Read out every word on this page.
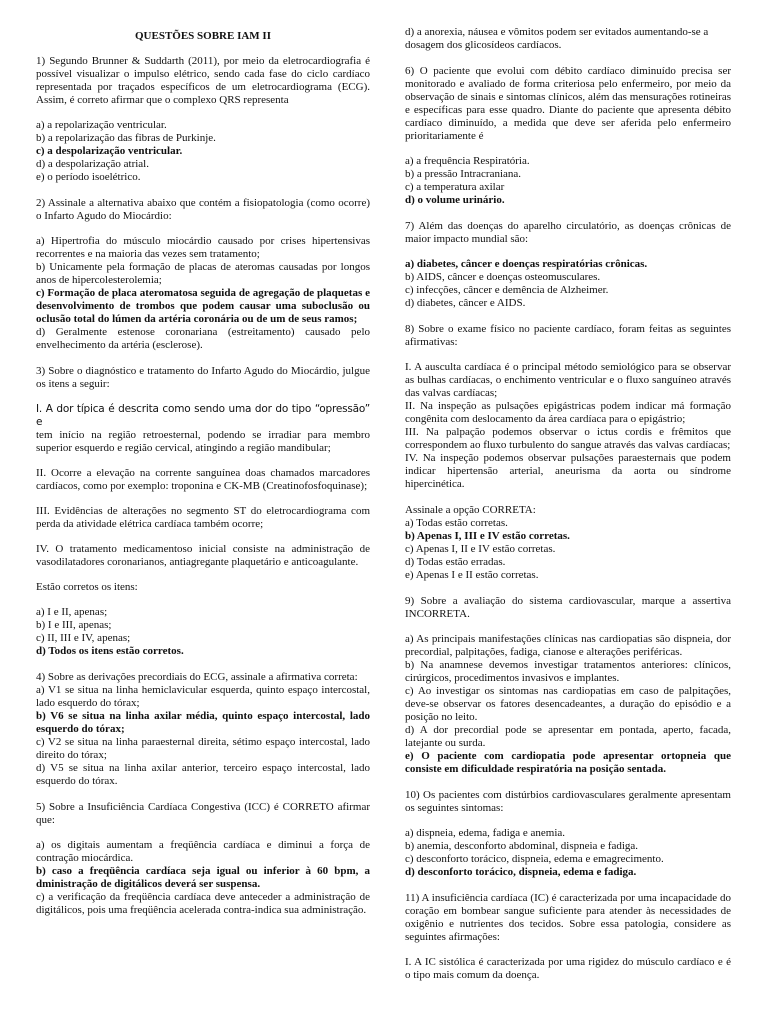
QUESTÕES SOBRE IAM II
1) Segundo Brunner & Suddarth (2011), por meio da eletrocardiografia é possível visualizar o impulso elétrico, sendo cada fase do ciclo cardíaco representada por traçados específicos de um eletrocardiograma (ECG). Assim, é correto afirmar que o complexo QRS representa
a) a repolarização ventricular.
b) a repolarização das fibras de Purkinje.
c) a despolarização ventricular.
d) a despolarização atrial.
e) o período isoelétrico.
2) Assinale a alternativa abaixo que contém a fisiopatologia (como ocorre) o Infarto Agudo do Miocárdio:
a) Hipertrofia do músculo miocárdio causado por crises hipertensivas recorrentes e na maioria das vezes sem tratamento;
b) Unicamente pela formação de placas de ateromas causadas por longos anos de hipercolesterolemia;
c) Formação de placa ateromatosa seguida de agregação de plaquetas e desenvolvimento de trombos que podem causar uma suboclusão ou oclusão total do lúmen da artéria coronária ou de um de seus ramos;
d) Geralmente estenose coronariana (estreitamento) causado pelo envelhecimento da artéria (esclerose).
3) Sobre o diagnóstico e tratamento do Infarto Agudo do Miocárdio, julgue os itens a seguir:
I. A dor típica é descrita como sendo uma dor do tipo “opressão” e
tem início na região retroesternal, podendo se irradiar para membro superior esquerdo e região cervical, atingindo a região mandibular;
II. Ocorre a elevação na corrente sanguínea doas chamados marcadores cardíacos, como por exemplo: troponina e CK-MB (Creatinofosfoquinase);
III. Evidências de alterações no segmento ST do eletrocardiograma com perda da atividade elétrica cardíaca também ocorre;
IV. O tratamento medicamentoso inicial consiste na administração de vasodilatadores coronarianos, antiagregante plaquetário e anticoagulante.
Estão corretos os itens:
a) I e II, apenas;
b) I e III, apenas;
c) II, III e IV, apenas;
d) Todos os itens estão corretos.
4) Sobre as derivações precordiais do ECG, assinale a afirmativa correta:
a) V1 se situa na linha hemiclavicular esquerda, quinto espaço intercostal, lado esquerdo do tórax;
b) V6 se situa na linha axilar média, quinto espaço intercostal, lado esquerdo do tórax;
c) V2 se situa na linha paraesternal direita, sétimo espaço intercostal, lado direito do tórax;
d) V5 se situa na linha axilar anterior, terceiro espaço intercostal, lado esquerdo do tórax.
5) Sobre a Insuficiência Cardíaca Congestiva (ICC) é CORRETO afirmar que:
a) os digitais aumentam a freqüência cardíaca e diminui a força de contração miocárdica.
b) caso a freqüência cardíaca seja igual ou inferior à 60 bpm, a dministração de digitálicos deverá ser suspensa.
c) a verificação da freqüência cardíaca deve anteceder a administração de digitálicos, pois uma freqüência acelerada contra-indica sua administração.
d) a anorexia, náusea e vômitos podem ser evitados aumentando-se a dosagem dos glicosídeos cardíacos.
6) O paciente que evolui com débito cardíaco diminuído precisa ser monitorado e avaliado de forma criteriosa pelo enfermeiro, por meio da observação de sinais e sintomas clínicos, além das mensurações rotineiras e específicas para esse quadro. Diante do paciente que apresenta débito cardíaco diminuído, a medida que deve ser aferida pelo enfermeiro prioritariamente é
a) a frequência Respiratória.
b) a pressão Intracraniana.
c) a temperatura axilar
d) o volume urinário.
7) Além das doenças do aparelho circulatório, as doenças crônicas de maior impacto mundial são:
a) diabetes, câncer e doenças respiratórias crônicas.
b) AIDS, câncer e doenças osteomusculares.
c) infecções, câncer e demência de Alzheimer.
d) diabetes, câncer e AIDS.
8) Sobre o exame físico no paciente cardíaco, foram feitas as seguintes afirmativas:
I. A ausculta cardíaca é o principal método semiológico para se observar as bulhas cardíacas, o enchimento ventricular e o fluxo sanguíneo através das valvas cardíacas;
II. Na inspeção as pulsações epigástricas podem indicar má formação congênita com deslocamento da área cardíaca para o epigástrio;
III. Na palpação podemos observar o ictus cordis e frêmitos que correspondem ao fluxo turbulento do sangue através das valvas cardíacas;
IV. Na inspeção podemos observar pulsações paraesternais que podem indicar hipertensão arterial, aneurisma da aorta ou síndrome hipercinética.
Assinale a opção CORRETA:
a) Todas estão corretas.
b) Apenas I, III e IV estão corretas.
c) Apenas I, II e IV estão corretas.
d) Todas estão erradas.
e) Apenas I e II estão corretas.
9) Sobre a avaliação do sistema cardiovascular, marque a assertiva INCORRETA.
a) As principais manifestações clínicas nas cardiopatias são dispneia, dor precordial, palpitações, fadiga, cianose e alterações periféricas.
b) Na anamnese devemos investigar tratamentos anteriores: clínicos, cirúrgicos, procedimentos invasivos e implantes.
c) Ao investigar os sintomas nas cardiopatias em caso de palpitações, deve-se observar os fatores desencadeantes, a duração do episódio e a posição no leito.
d) A dor precordial pode se apresentar em pontada, aperto, facada, latejante ou surda.
e) O paciente com cardiopatia pode apresentar ortopneia que consiste em dificuldade respiratória na posição sentada.
10) Os pacientes com distúrbios cardiovasculares geralmente apresentam os seguintes sintomas:
a) dispneia, edema, fadiga e anemia.
b) anemia, desconforto abdominal, dispneia e fadiga.
c) desconforto torácico, dispneia, edema e emagrecimento.
d) desconforto torácico, dispneia, edema e fadiga.
11) A insuficiência cardíaca (IC) é caracterizada por uma incapacidade do coração em bombear sangue suficiente para atender às necessidades de oxigênio e nutrientes dos tecidos. Sobre essa patologia, considere as seguintes afirmações:
I. A IC sistólica é caracterizada por uma rigidez do músculo cardíaco e é o tipo mais comum da doença.
